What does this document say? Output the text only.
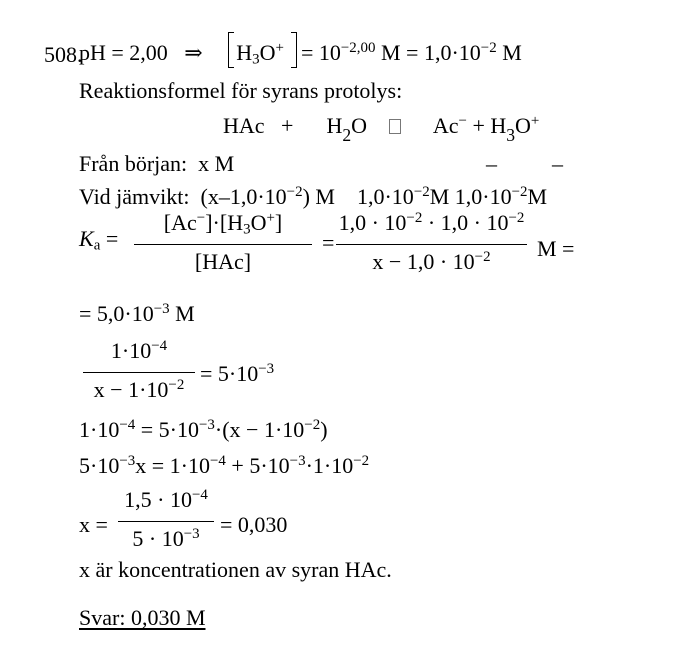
508.
pH = 2,00 ⇒ $H_3O^+ = 10^{-2,00}$ $M = 1,0\cdot 10^{-2}$ M
Reaktionsformel för syrans protolys:
HAc + $H_2O$	$Ac^- + H_3O^+$
Från början: x M	–	–
Vid jämvikt: $(x-1,0\cdot 10^{-2})$ M $1,0\cdot 10^{-2}M$ $1,0\cdot 10^{-2}M$
$K_a$ =
$[Ac^-]\cdot[H_3O^+]$
[HAc]
=
$1,0 \cdot 10^{-2} \cdot 1,0 \cdot 10^{-2}$
$x - 1,0 \cdot 10^{-2}$	M =
= $5,0\cdot 10^{-3}$ M
$1\cdot 10^{-4}$
$x - 1\cdot 10^{-2} = 5\cdot 10^{-3}$
$1\cdot 10^{-4} = 5\cdot 10^{-3}\cdot(x - 1\cdot 10^{-2})$
$5\cdot 10^{-3}x = 1\cdot 10^{-4} + 5\cdot 10^{-3}\cdot 1\cdot 10^{-2}$
x =
$1,5 \cdot 10^{-4}$
$5 \cdot 10^{-3} = 0,030$
x är koncentrationen av syran HAc.
Svar: 0,030 M
